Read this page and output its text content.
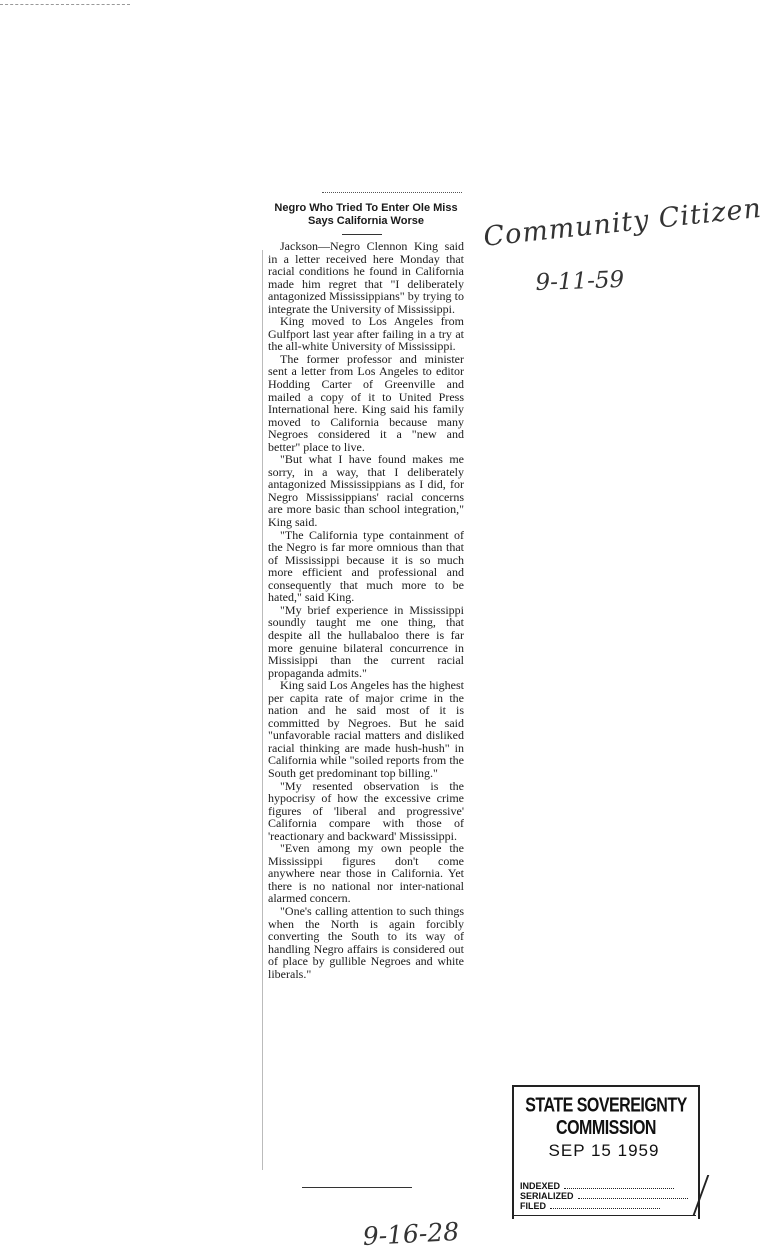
Negro Who Tried To Enter Ole Miss Says California Worse

Jackson—Negro Clennon King said in a letter received here Monday that racial conditions he found in California made him regret that "I deliberately antagonized Mississippians" by trying to integrate the University of Mississippi.

King moved to Los Angeles from Gulfport last year after failing in a try at the all-white University of Mississippi.

The former professor and minister sent a letter from Los Angeles to editor Hodding Carter of Greenville and mailed a copy of it to United Press International here. King said his family moved to California because many Negroes considered it a "new and better" place to live.

"But what I have found makes me sorry, in a way, that I deliberately antagonized Mississippians as I did, for Negro Mississippians' racial concerns are more basic than school integration," King said.

"The California type containment of the Negro is far more omnious than that of Mississippi because it is so much more efficient and professional and consequently that much more to be hated," said King.

"My brief experience in Mississippi soundly taught me one thing, that despite all the hullabaloo there is far more genuine bilateral concurrence in Missisippi than the current racial propaganda admits."

King said Los Angeles has the highest per capita rate of major crime in the nation and he said most of it is committed by Negroes. But he said "unfavorable racial matters and disliked racial thinking are made hush-hush" in California while "soiled reports from the South get predominant top billing."

"My resented observation is the hypocrisy of how the excessive crime figures of 'liberal and progressive' California compare with those of 'reactionary and backward' Mississippi.

"Even among my own people the Mississippi figures don't come anywhere near those in California. Yet there is no national nor inter-national alarmed concern.

"One's calling attention to such things when the North is again forcibly converting the South to its way of handling Negro affairs is considered out of place by gullible Negroes and white liberals."

Community Citizen
9-11-59
9-16-28
STATE SOVEREIGNTY COMMISSION
SEP 15 1959
INDEXED
SERIALIZED
FILED
